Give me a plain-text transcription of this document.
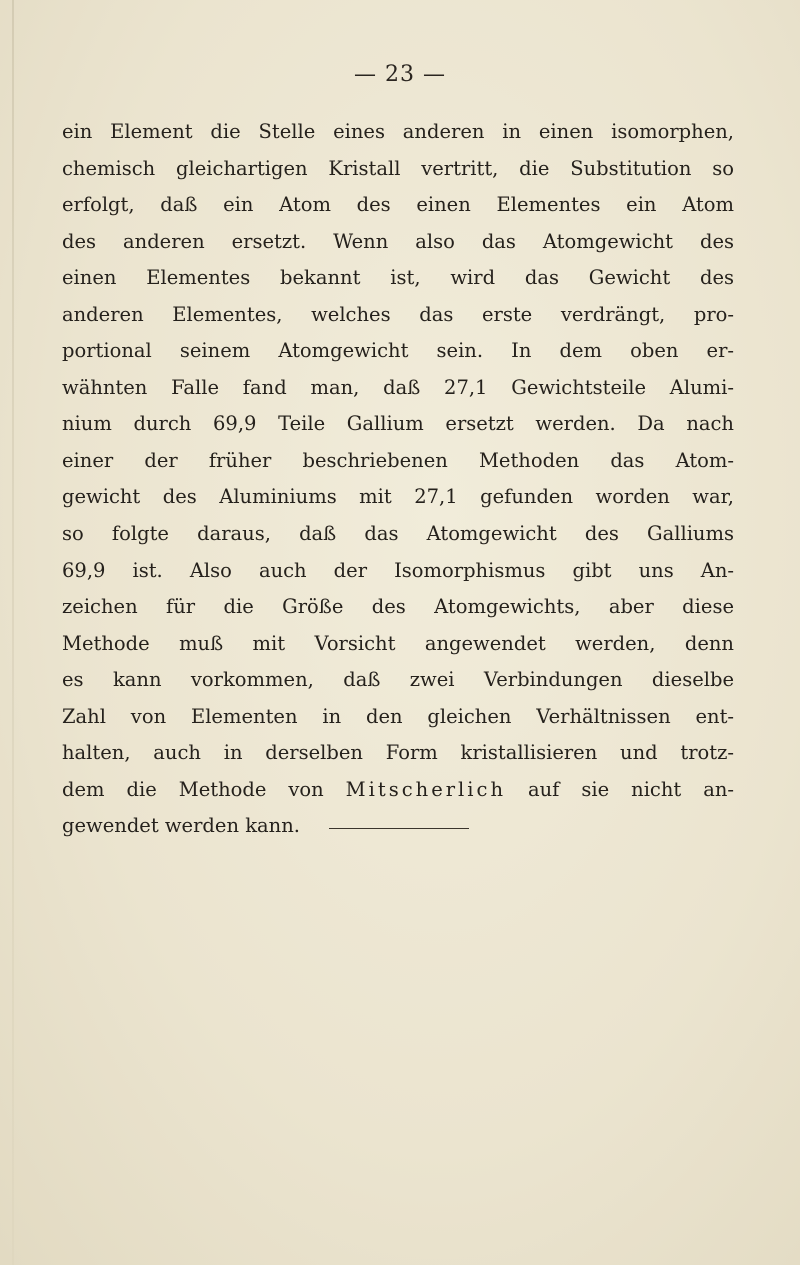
— 23 —
ein Element die Stelle eines anderen in einen isomorphen,
chemisch gleichartigen Kristall vertritt, die Substitution so
erfolgt, daß ein Atom des einen Elementes ein Atom
des anderen ersetzt. Wenn also das Atomgewicht des
einen Elementes bekannt ist, wird das Gewicht des
anderen Elementes, welches das erste verdrängt, pro-
portional seinem Atomgewicht sein. In dem oben er-
wähnten Falle fand man, daß 27,1 Gewichtsteile Alumi-
nium durch 69,9 Teile Gallium ersetzt werden. Da nach
einer der früher beschriebenen Methoden das Atom-
gewicht des Aluminiums mit 27,1 gefunden worden war,
so folgte daraus, daß das Atomgewicht des Galliums
69,9 ist. Also auch der Isomorphismus gibt uns An-
zeichen für die Größe des Atomgewichts, aber diese
Methode muß mit Vorsicht angewendet werden, denn
es kann vorkommen, daß zwei Verbindungen dieselbe
Zahl von Elementen in den gleichen Verhältnissen ent-
halten, auch in derselben Form kristallisieren und trotz-
dem die Methode von Mitscherlich auf sie nicht an-
gewendet werden kann.
